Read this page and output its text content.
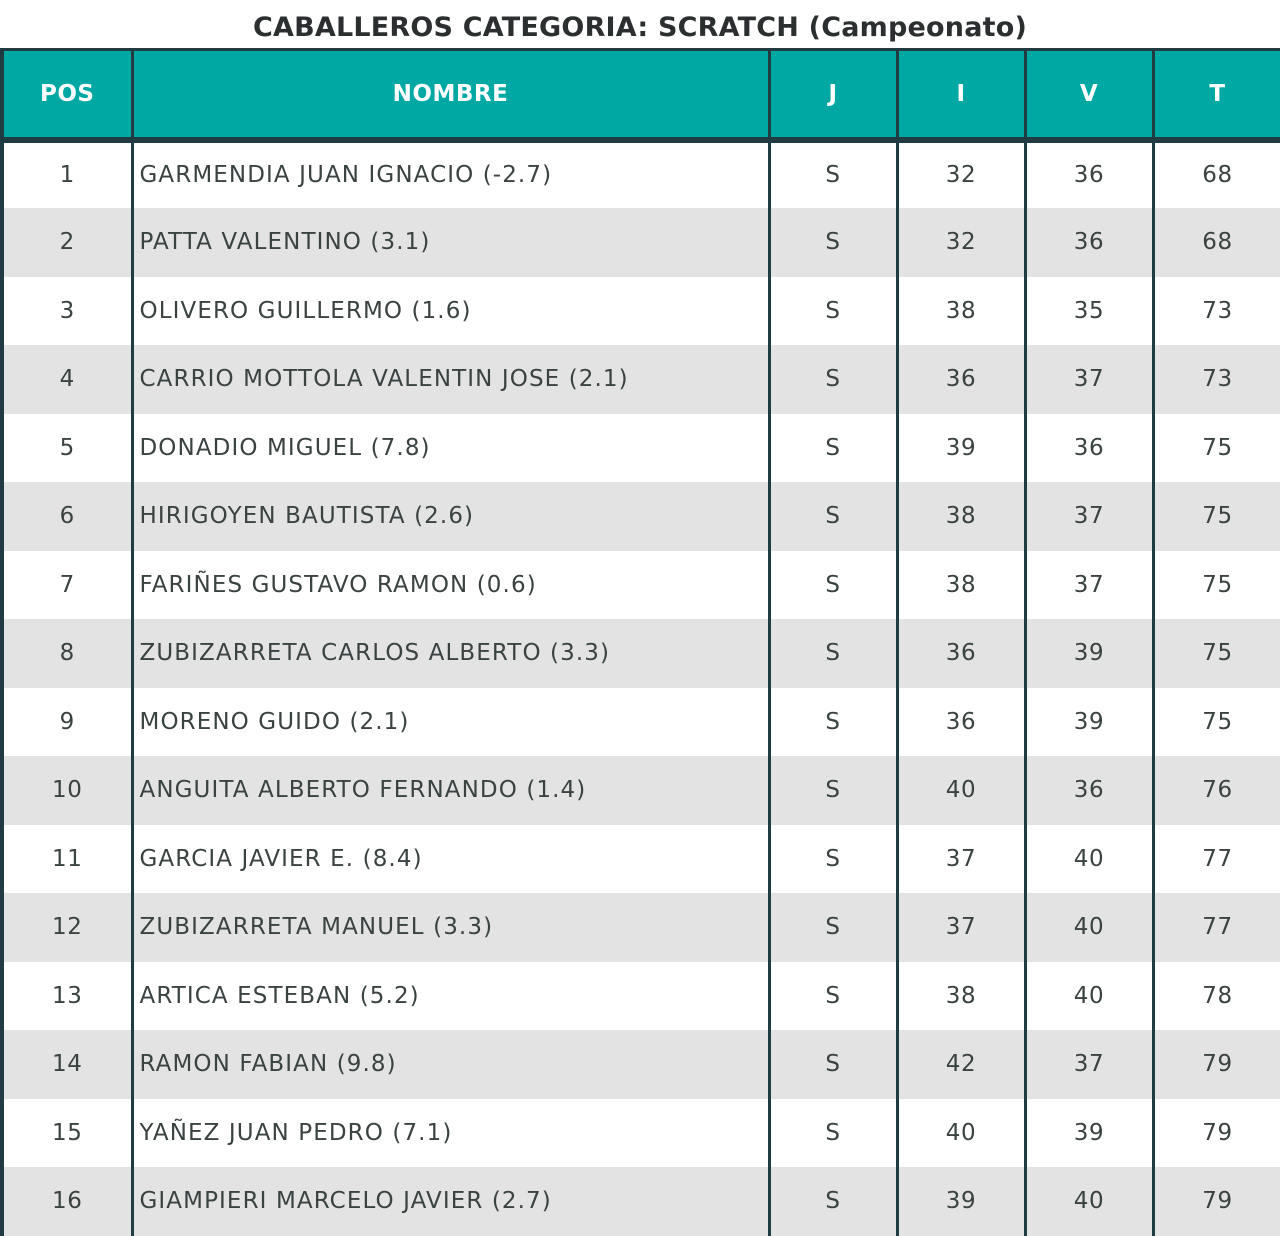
CABALLEROS CATEGORIA: SCRATCH (Campeonato)
POS	NOMBRE	J	I	V	T
1	GARMENDIA JUAN IGNACIO (-2.7)	S	32	36	68
2	PATTA VALENTINO (3.1)	S	32	36	68
3	OLIVERO GUILLERMO (1.6)	S	38	35	73
4	CARRIO MOTTOLA VALENTIN JOSE (2.1)	S	36	37	73
5	DONADIO MIGUEL (7.8)	S	39	36	75
6	HIRIGOYEN BAUTISTA (2.6)	S	38	37	75
7	FARIÑES GUSTAVO RAMON (0.6)	S	38	37	75
8	ZUBIZARRETA CARLOS ALBERTO (3.3)	S	36	39	75
9	MORENO GUIDO (2.1)	S	36	39	75
10	ANGUITA ALBERTO FERNANDO (1.4)	S	40	36	76
11	GARCIA JAVIER E. (8.4)	S	37	40	77
12	ZUBIZARRETA MANUEL (3.3)	S	37	40	77
13	ARTICA ESTEBAN (5.2)	S	38	40	78
14	RAMON FABIAN (9.8)	S	42	37	79
15	YAÑEZ JUAN PEDRO (7.1)	S	40	39	79
16	GIAMPIERI MARCELO JAVIER (2.7)	S	39	40	79
